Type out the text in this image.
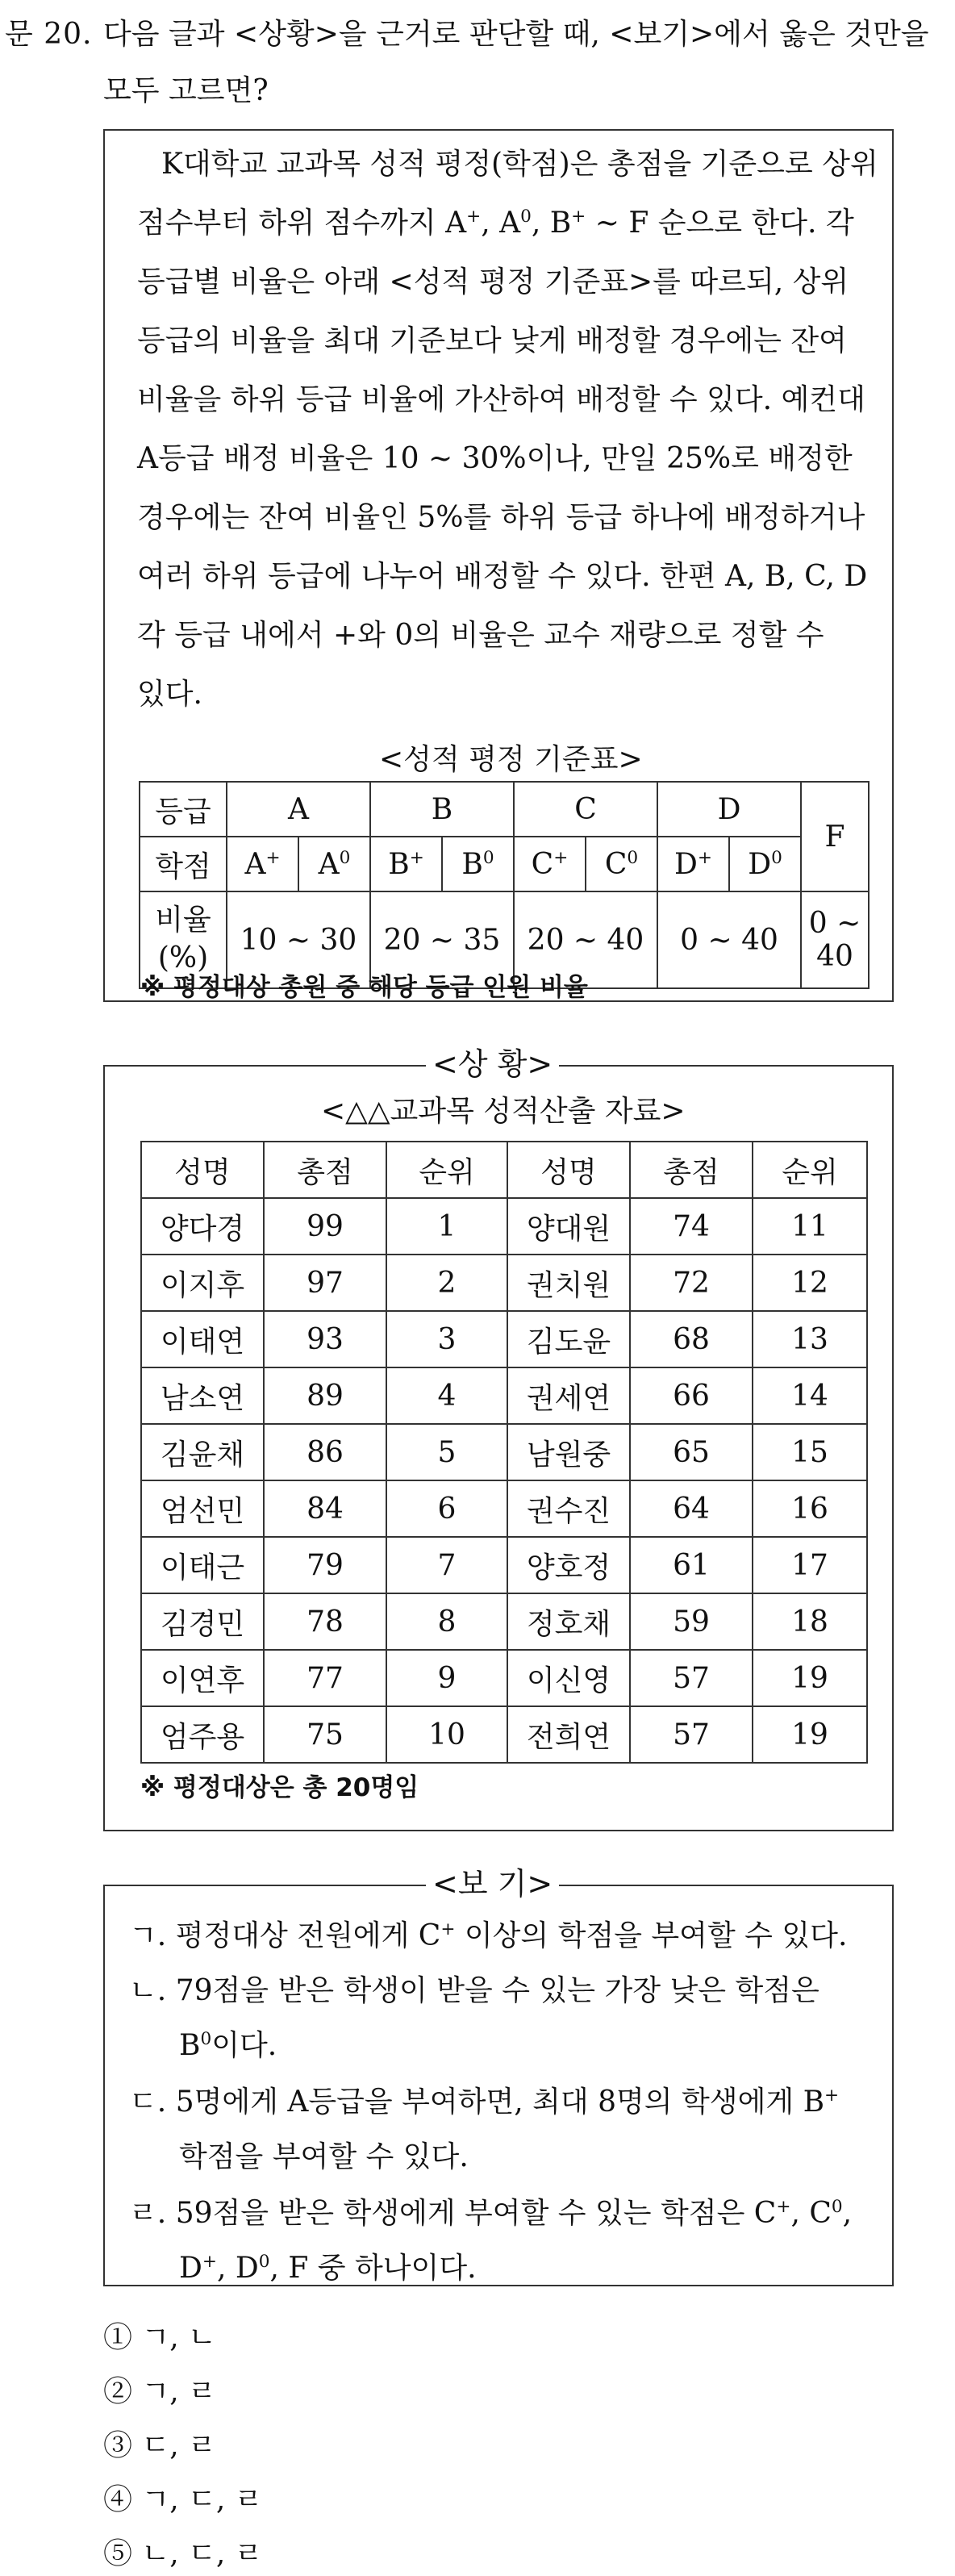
문 20. 다음 글과 <상황>을 근거로 판단할 때, <보기>에서 옳은 것만을
모두 고르면?
K대학교 교과목 성적 평정(학점)은 총점을 기준으로 상위
점수부터 하위 점수까지 A+, $A^0$, B+ ~ F 순으로 한다. 각
등급별 비율은 아래 <성적 평정 기준표>를 따르되, 상위
등급의 비율을 최대 기준보다 낮게 배정할 경우에는 잔여
비율을 하위 등급 비율에 가산하여 배정할 수 있다. 예컨대
A등급 배정 비율은 10 ~ 30%이나, 만일 25%로 배정한
경우에는 잔여 비율인 5%를 하위 등급 하나에 배정하거나
여러 하위 등급에 나누어 배정할 수 있다. 한편 A, B, C, D
각 등급 내에서 +와 0의 비율은 교수 재량으로 정할 수
있다.
<성적 평정 기준표>
등급	A		B		C		D		F
학점	A+	$A^0$	B+	$B^0$	C+	$C^0$	D+	$D^0$
비율
(%)	10 ~ 30		20 ~ 35		20 ~ 40		0 ~ 40		0 ~ 40
※ 평정대상 총원 중 해당 등급 인원 비율
<상 황>
<△△교과목 성적산출 자료>
성명	총점	순위	성명	총점	순위
양다경	99	1	양대원	74	11
이지후	97	2	권치원	72	12
이태연	93	3	김도윤	68	13
남소연	89	4	권세연	66	14
김윤채	86	5	남원중	65	15
엄선민	84	6	권수진	64	16
이태근	79	7	양호정	61	17
김경민	78	8	정호채	59	18
이연후	77	9	이신영	57	19
엄주용	75	10	전희연	57	19
※ 평정대상은 총 20명임
<보 기>
ㄱ. 평정대상 전원에게 C+ 이상의 학점을 부여할 수 있다.
ㄴ. 79점을 받은 학생이 받을 수 있는 가장 낮은 학점은
$B^0$이다.
ㄷ. 5명에게 A등급을 부여하면, 최대 8명의 학생에게 B+
학점을 부여할 수 있다.
ㄹ. 59점을 받은 학생에게 부여할 수 있는 학점은 C+, $C^0$,
D+, $D^0$, F 중 하나이다.
① ㄱ, ㄴ
② ㄱ, ㄹ
③ ㄷ, ㄹ
④ ㄱ, ㄷ, ㄹ
⑤ ㄴ, ㄷ, ㄹ
